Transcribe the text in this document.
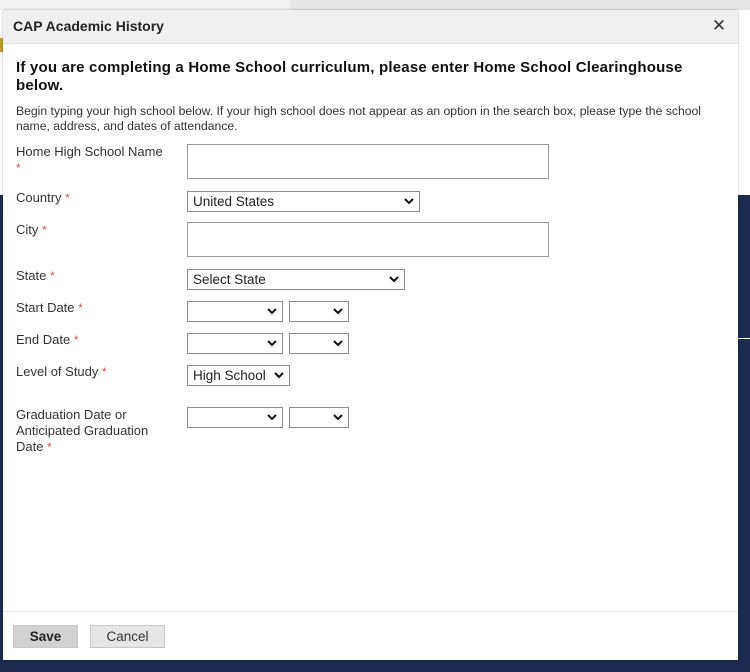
CAP Academic History	✕
If you are completing a Home School curriculum, please enter Home School Clearinghouse below.
Begin typing your high school below. If your high school does not appear as an option in the search box, please type the school name, address, and dates of attendance.
Home High School Name
*
Country *	United States
City *
State *	Select State
Start Date *
End Date *
Level of Study *	High School
Graduation Date or Anticipated Graduation Date *
Save	Cancel
